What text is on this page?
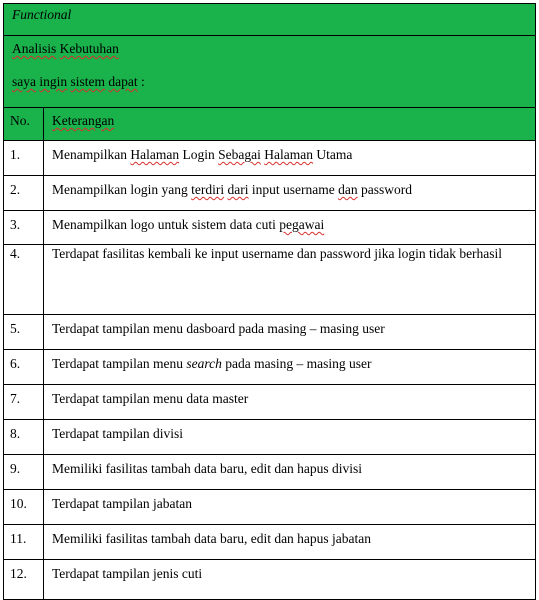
Functional	

Analisis Kebutuhan
saya ingin sistem dapat :	

No.	Keterangan

1.	Menampilkan Halaman Login Sebagai Halaman Utama

2.	Menampilkan login yang terdiri dari input username dan password

3.	Menampilkan logo untuk sistem data cuti pegawai

4.	Terdapat fasilitas kembali ke input username dan password jika login tidak berhasil

5.	Terdapat tampilan menu dasboard pada masing – masing user

6.	Terdapat tampilan menu search pada masing – masing user

7.	Terdapat tampilan menu data master

8.	Terdapat tampilan divisi

9.	Memiliki fasilitas tambah data baru, edit dan hapus divisi

10.	Terdapat tampilan jabatan

11.	Memiliki fasilitas tambah data baru, edit dan hapus jabatan

12.	Terdapat tampilan jenis cuti
